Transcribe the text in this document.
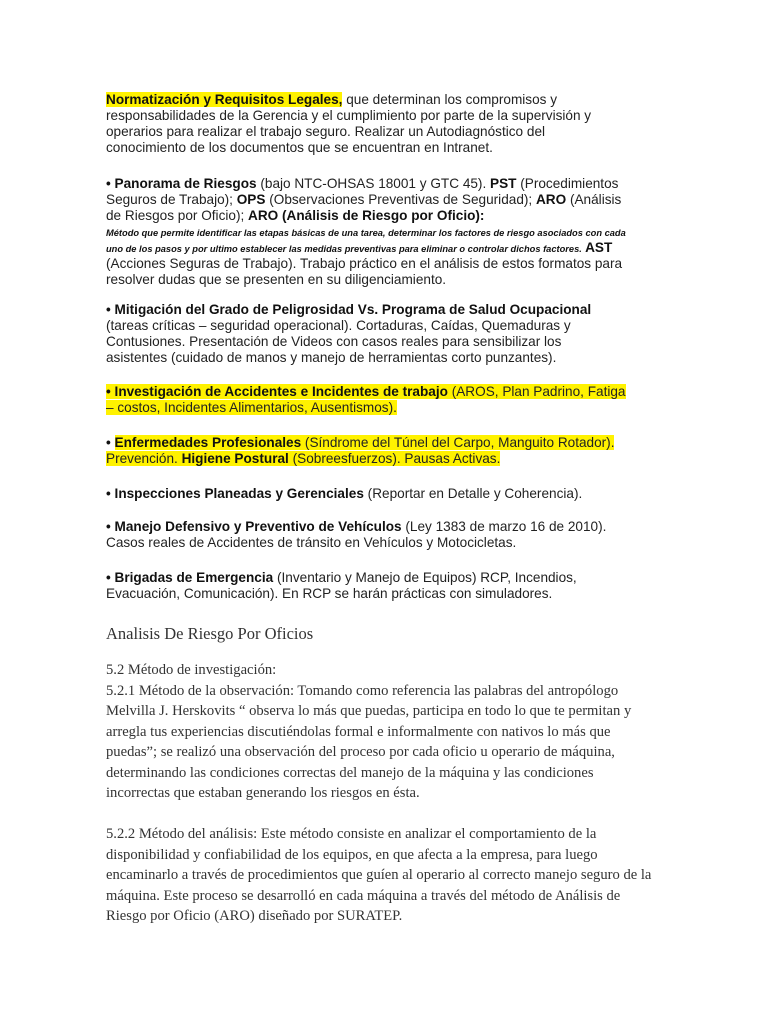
Normatización y Requisitos Legales, que determinan los compromisos y responsabilidades de la Gerencia y el cumplimiento por parte de la supervisión y operarios para realizar el trabajo seguro. Realizar un Autodiagnóstico del conocimiento de los documentos que se encuentran en Intranet.

• Panorama de Riesgos (bajo NTC-OHSAS 18001 y GTC 45). PST (Procedimientos Seguros de Trabajo); OPS (Observaciones Preventivas de Seguridad); ARO (Análisis de Riesgos por Oficio); ARO (Análisis de Riesgo por Oficio):
Método que permite identificar las etapas básicas de una tarea, determinar los factores de riesgo asociados con cada uno de los pasos y por ultimo establecer las medidas preventivas para eliminar o controlar dichos factores. AST (Acciones Seguras de Trabajo). Trabajo práctico en el análisis de estos formatos para resolver dudas que se presenten en su diligenciamiento.

• Mitigación del Grado de Peligrosidad Vs. Programa de Salud Ocupacional (tareas críticas – seguridad operacional). Cortaduras, Caídas, Quemaduras y Contusiones. Presentación de Videos con casos reales para sensibilizar los asistentes (cuidado de manos y manejo de herramientas corto punzantes).

• Investigación de Accidentes e Incidentes de trabajo (AROS, Plan Padrino, Fatiga – costos, Incidentes Alimentarios, Ausentismos).

• Enfermedades Profesionales (Síndrome del Túnel del Carpo, Manguito Rotador). Prevención. Higiene Postural (Sobreesfuerzos). Pausas Activas.

• Inspecciones Planeadas y Gerenciales (Reportar en Detalle y Coherencia).

• Manejo Defensivo y Preventivo de Vehículos (Ley 1383 de marzo 16 de 2010). Casos reales de Accidentes de tránsito en Vehículos y Motocicletas.

• Brigadas de Emergencia (Inventario y Manejo de Equipos) RCP, Incendios, Evacuación, Comunicación). En RCP se harán prácticas con simuladores.

Analisis De Riesgo Por Oficios

5.2 Método de investigación:
5.2.1 Método de la observación: Tomando como referencia las palabras del antropólogo Melvilla J. Herskovits “ observa lo más que puedas, participa en todo lo que te permitan y arregla tus experiencias discutiéndolas formal e informalmente con nativos lo más que puedas”; se realizó una observación del proceso por cada oficio u operario de máquina, determinando las condiciones correctas del manejo de la máquina y las condiciones incorrectas que estaban generando los riesgos en ésta.

5.2.2 Método del análisis: Este método consiste en analizar el comportamiento de la disponibilidad y confiabilidad de los equipos, en que afecta a la empresa, para luego encaminarlo a través de procedimientos que guíen al operario al correcto manejo seguro de la máquina. Este proceso se desarrolló en cada máquina a través del método de Análisis de Riesgo por Oficio (ARO) diseñado por SURATEP.
